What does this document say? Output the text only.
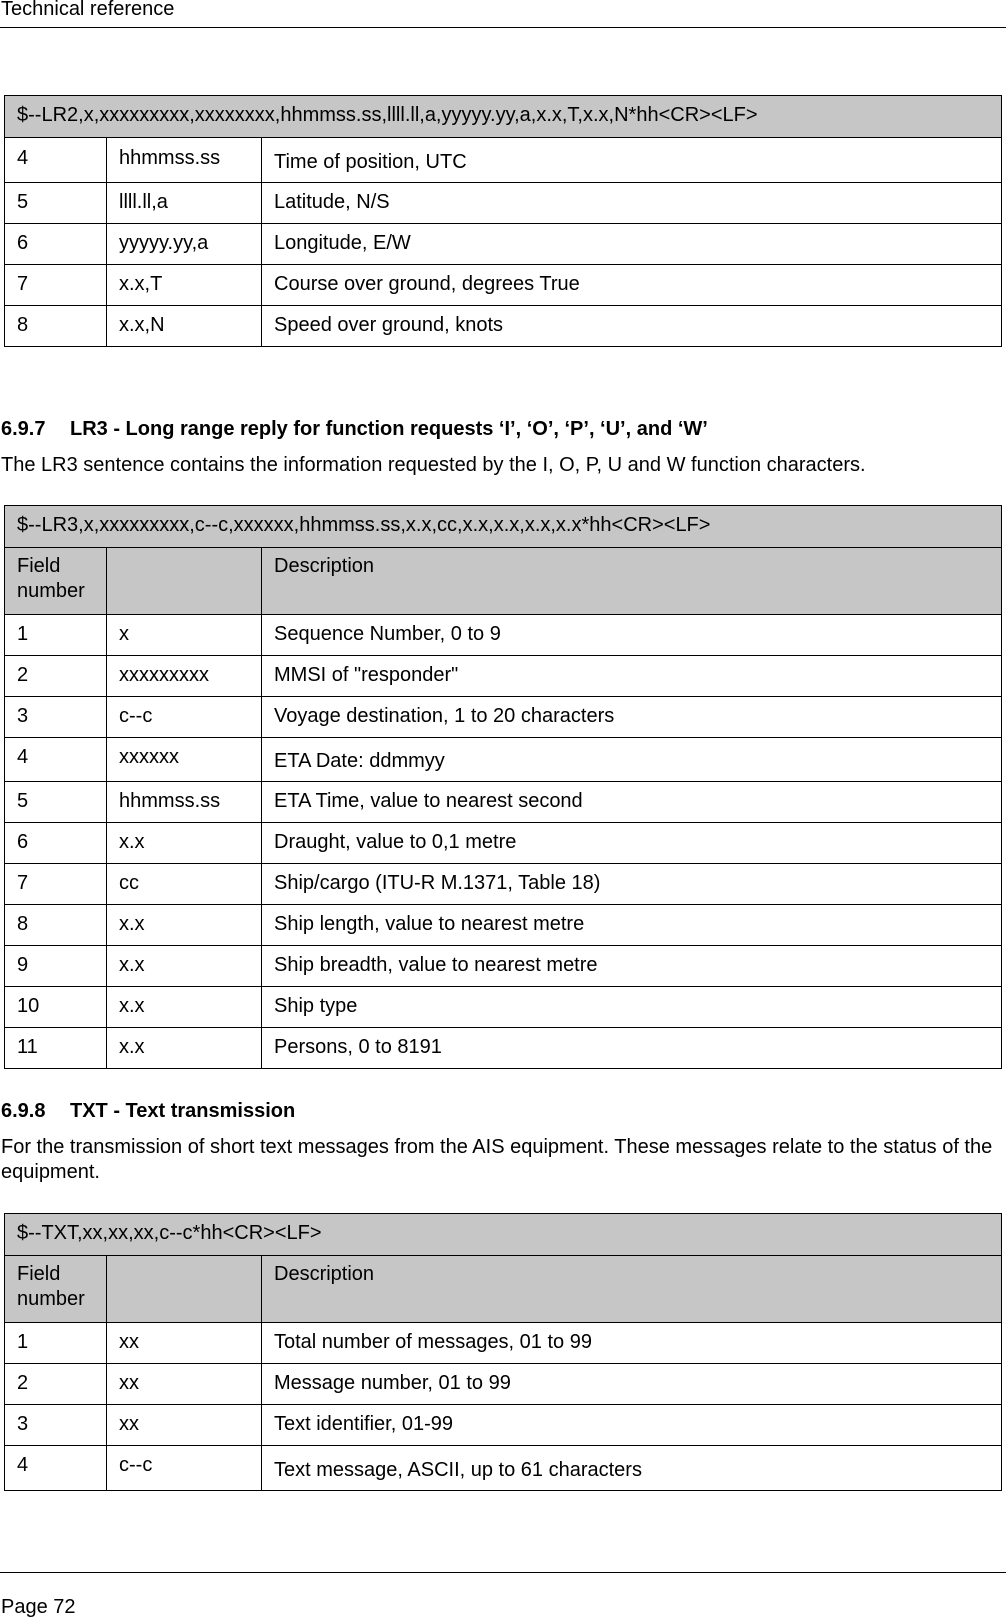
Technical reference
$--LR2,x,xxxxxxxxx,xxxxxxxx,hhmmss.ss,llll.ll,a,yyyyy.yy,a,x.x,T,x.x,N*hh<CR><LF>		
4	hhmmss.ss	Time of position, UTC
5	llll.ll,a	Latitude, N/S
6	yyyyy.yy,a	Longitude, E/W
7	x.x,T	Course over ground, degrees True
8	x.x,N	Speed over ground, knots

6.9.7 LR3 - Long range reply for function requests ‘I’, ‘O’, ‘P’, ‘U’, and ‘W’

The LR3 sentence contains the information requested by the I, O, P, U and W function characters.

$--LR3,x,xxxxxxxxx,c--c,xxxxxx,hhmmss.ss,x.x,cc,x.x,x.x,x.x,x.x*hh<CR><LF>		
Field number		Description
1	x	Sequence Number, 0 to 9
2	xxxxxxxxx	MMSI of "responder"
3	c--c	Voyage destination, 1 to 20 characters
4	xxxxxx	ETA Date: ddmmyy
5	hhmmss.ss	ETA Time, value to nearest second
6	x.x	Draught, value to 0,1 metre
7	cc	Ship/cargo (ITU-R M.1371, Table 18)
8	x.x	Ship length, value to nearest metre
9	x.x	Ship breadth, value to nearest metre
10	x.x	Ship type
11	x.x	Persons, 0 to 8191

6.9.8 TXT - Text transmission

For the transmission of short text messages from the AIS equipment. These messages relate to the status of the equipment.

$--TXT,xx,xx,xx,c--c*hh<CR><LF>		
Field number		Description
1	xx	Total number of messages, 01 to 99
2	xx	Message number, 01 to 99
3	xx	Text identifier, 01-99
4	c--c	Text message, ASCII, up to 61 characters
Page 72
